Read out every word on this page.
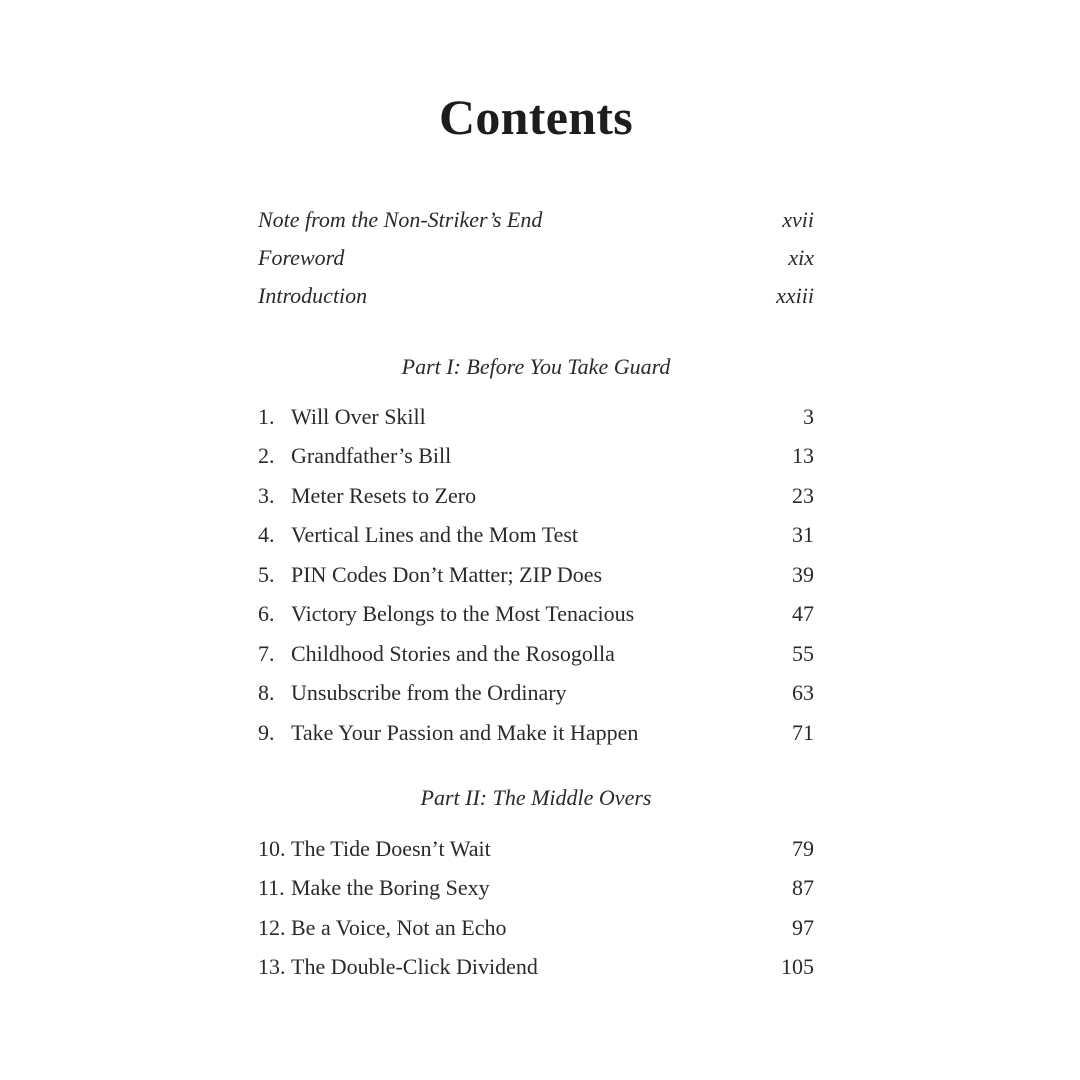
Contents
Note from the Non-Striker’s End	xvii
Foreword	xix
Introduction	xxiii
Part I: Before You Take Guard
1. Will Over Skill	3
2. Grandfather’s Bill	13
3. Meter Resets to Zero	23
4. Vertical Lines and the Mom Test	31
5. PIN Codes Don’t Matter; ZIP Does	39
6. Victory Belongs to the Most Tenacious	47
7. Childhood Stories and the Rosogolla	55
8. Unsubscribe from the Ordinary	63
9. Take Your Passion and Make it Happen	71
Part II: The Middle Overs
10. The Tide Doesn’t Wait	79
11. Make the Boring Sexy	87
12. Be a Voice, Not an Echo	97
13. The Double-Click Dividend	105
